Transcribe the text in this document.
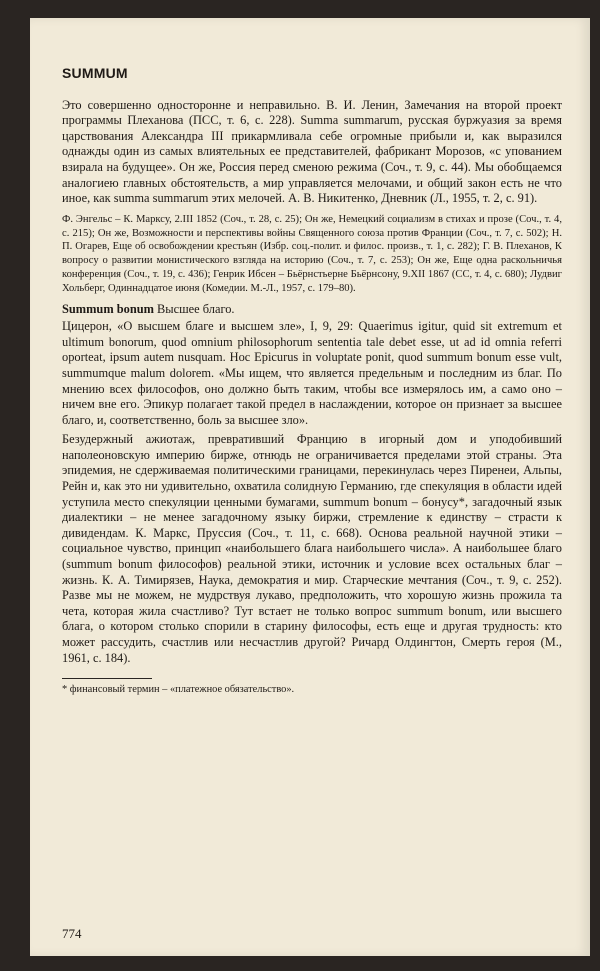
SUMMUM

Это совершенно одностороннe и неправильно. В. И. Ленин, Замечания на второй проект программы Плеханова (ПСС, т. 6, с. 228). Summa summarum, русская буржуазия за время царствования Александра III прикармливала себе огромные прибыли и, как выразился однажды один из самых влиятельных ее представителей, фабрикант Морозов, «с упованием взирала на будущее». Он же, Россия перед сменою режима (Соч., т. 9, с. 44). Мы обобщаемся аналогиею главных обстоятельств, а мир управляется мелочами, и общий закон есть не что иное, как summa summarum этих мелочей. А. В. Никитенко, Дневник (Л., 1955, т. 2, с. 91).

Ф. Энгельс – К. Марксу, 2.III 1852 (Соч., т. 28, с. 25); Он же, Немецкий социализм в стихах и прозе (Соч., т. 4, с. 215); Он же, Возможности и перспективы войны Священного союза против Франции (Соч., т. 7, с. 502); Н. П. Огарев, Еще об освобождении крестьян (Избр. соц.-полит. и филос. произв., т. 1, с. 282); Г. В. Плеханов, К вопросу о развитии монистического взгляда на историю (Соч., т. 7, с. 253); Он же, Еще одна раскольничья конференция (Соч., т. 19, с. 436); Генрик Ибсен – Бьёрнстьерне Бьёрнсону, 9.XII 1867 (СС, т. 4, с. 680); Лудвиг Хольберг, Одиннадцатое июня (Комедии. М.-Л., 1957, с. 179–80).

Summum bonum Высшее благо.

Цицерон, «О высшем благе и высшем зле», I, 9, 29: Quaerimus igitur, quid sit extremum et ultimum bonorum, quod omnium philosophorum sententia tale debet esse, ut ad id omnia referri oporteat, ipsum autem nusquam. Hoc Epicurus in voluptate ponit, quod summum bonum esse vult, summumque malum dolorem. «Мы ищем, что является предельным и последним из благ. По мнению всех философов, оно должно быть таким, чтобы все измерялось им, а само оно – ничем вне его. Эпикур полагает такой предел в наслаждении, которое он признает за высшее благо, и, соответственно, боль за высшее зло».

Безудержный ажиотаж, превративший Францию в игорный дом и уподобивший наполеоновскую империю бирже, отнюдь не ограничивается пределами этой страны. Эта эпидемия, не сдерживаемая политическими границами, перекинулась через Пиренеи, Альпы, Рейн и, как это ни удивительно, охватила солидную Германию, где спекуляция в области идей уступила место спекуляции ценными бумагами, summum bonum – бонусу*, загадочный язык диалектики – не менее загадочному языку биржи, стремление к единству – страсти к дивидендам. К. Маркс, Пруссия (Соч., т. 11, с. 668). Основа реальной научной этики – социальное чувство, принцип «наибольшего блага наибольшего числа». А наибольшее благо (summum bonum философов) реальной этики, источник и условие всех остальных благ – жизнь. К. А. Тимирязев, Наука, демократия и мир. Старческие мечтания (Соч., т. 9, с. 252). Разве мы не можем, не мудрствуя лукаво, предположить, что хорошую жизнь прожила та чета, которая жила счастливо? Тут встает не только вопрос summum bonum, или высшего блага, о котором столько спорили в старину философы, есть еще и другая трудность: кто может рассудить, счастлив или несчастлив другой? Ричард Олдингтон, Смерть героя (М., 1961, с. 184).

* финансовый термин – «платежное обязательство».
774
